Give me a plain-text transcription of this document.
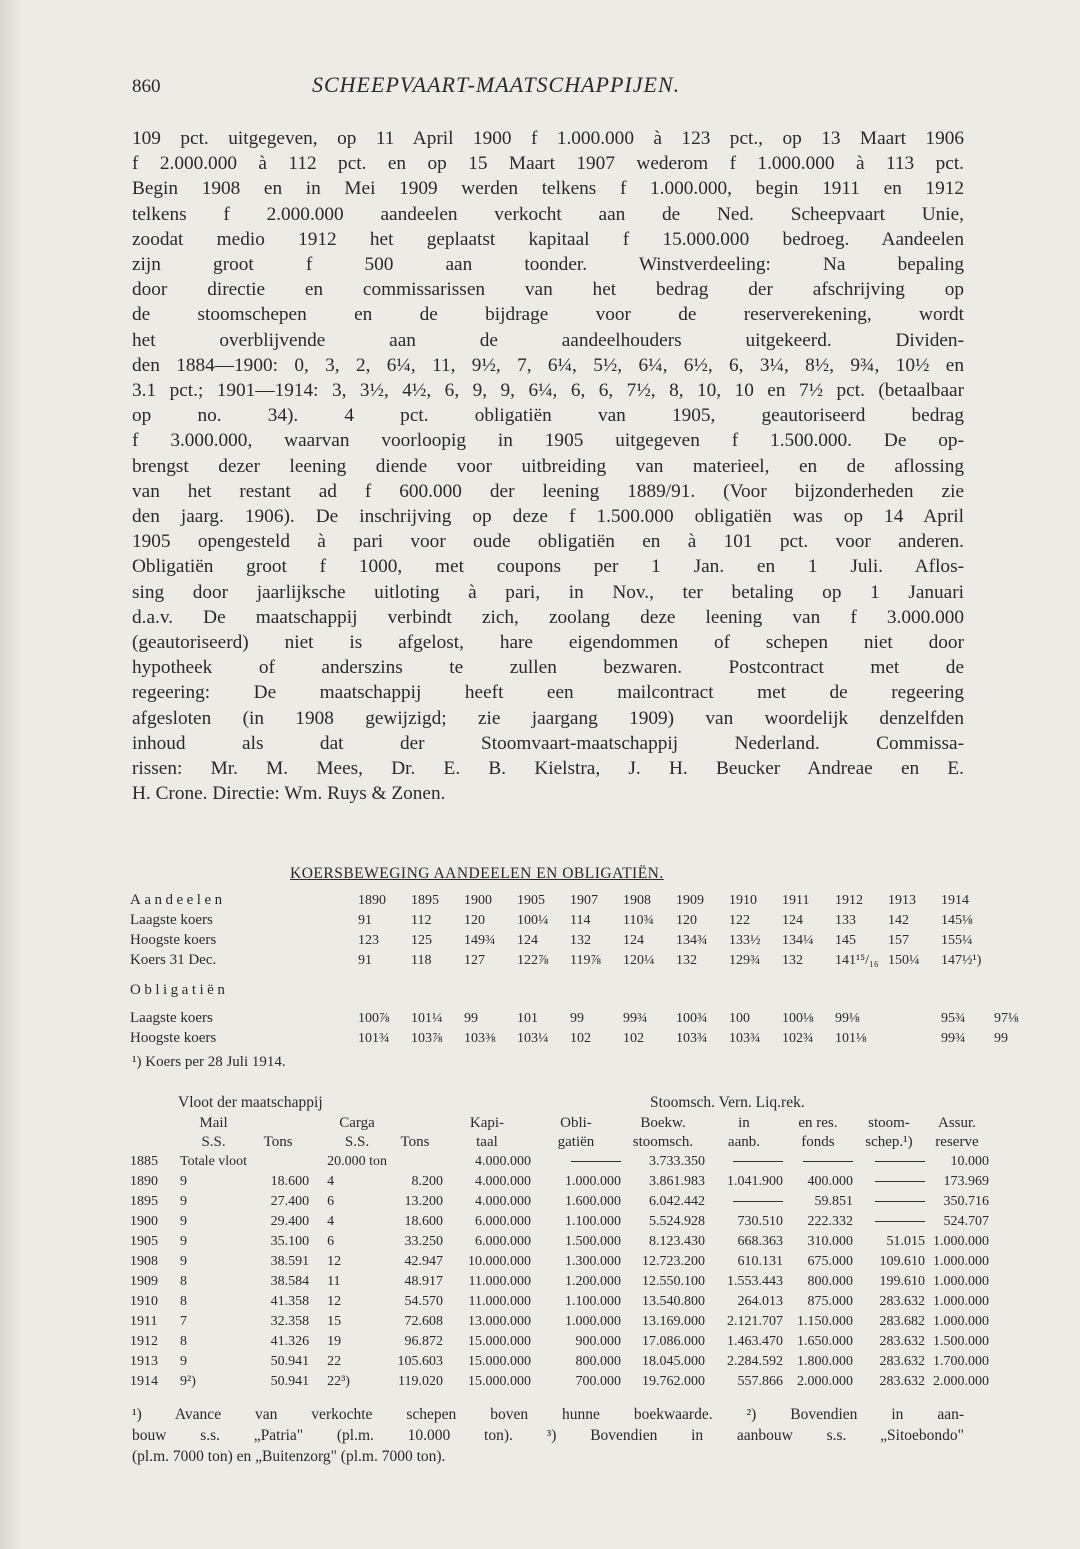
860	SCHEEPVAART-MAATSCHAPPIJEN.
109 pct. uitgegeven, op 11 April 1900 f 1.000.000 à 123 pct., op 13 Maart 1906
f 2.000.000 à 112 pct. en op 15 Maart 1907 wederom f 1.000.000 à 113 pct.
Begin 1908 en in Mei 1909 werden telkens f 1.000.000, begin 1911 en 1912
telkens f 2.000.000 aandeelen verkocht aan de Ned. Scheepvaart Unie,
zoodat medio 1912 het geplaatst kapitaal f 15.000.000 bedroeg. Aandeelen
zijn groot f 500 aan toonder. Winstverdeeling: Na bepaling
door directie en commissarissen van het bedrag der afschrijving op
de stoomschepen en de bijdrage voor de reserverekening, wordt
het overblijvende aan de aandeelhouders uitgekeerd. Dividen-
den 1884—1900: 0, 3, 2, 6¼, 11, 9½, 7, 6¼, 5½, 6¼, 6½, 6, 3¼, 8½, 9¾, 10½ en
3.1 pct.; 1901—1914: 3, 3½, 4½, 6, 9, 9, 6¼, 6, 6, 7½, 8, 10, 10 en 7½ pct. (betaalbaar
op no. 34). 4 pct. obligatiën van 1905, geautoriseerd bedrag
f 3.000.000, waarvan voorloopig in 1905 uitgegeven f 1.500.000. De op-
brengst dezer leening diende voor uitbreiding van materieel, en de aflossing
van het restant ad f 600.000 der leening 1889/91. (Voor bijzonderheden zie
den jaarg. 1906). De inschrijving op deze f 1.500.000 obligatiën was op 14 April
1905 opengesteld à pari voor oude obligatiën en à 101 pct. voor anderen.
Obligatiën groot f 1000, met coupons per 1 Jan. en 1 Juli. Aflos-
sing door jaarlijksche uitloting à pari, in Nov., ter betaling op 1 Januari
d.a.v. De maatschappij verbindt zich, zoolang deze leening van f 3.000.000
(geautoriseerd) niet is afgelost, hare eigendommen of schepen niet door
hypotheek of anderszins te zullen bezwaren. Postcontract met de
regeering: De maatschappij heeft een mailcontract met de regeering
afgesloten (in 1908 gewijzigd; zie jaargang 1909) van woordelijk denzelfden
inhoud als dat der Stoomvaart-maatschappij Nederland. Commissa-
rissen: Mr. M. Mees, Dr. E. B. Kielstra, J. H. Beucker Andreae en E.
H. Crone. Directie: Wm. Ruys & Zonen.
KOERSBEWEGING AANDEELEN EN OBLIGATIËN.
Aandeelen	1890	1895	1900	1905	1907	1908	1909	1910	1911	1912	1913	1914	
Laagste koers	91	112	120	100¼	114	110¾	120	122	124	133	142	145⅛	
Hoogste koers	123	125	149¾	124	132	124	134¾	133½	134¼	145	157	155¼	
Koers 31 Dec.	91	118	127	122⅞	119⅞	120¼	132	129¾	132	141¹⁵/₁₆	150¼	147½¹)	

Obligatiën													

Laagste koers	100⅞	101¼	99	101	99	99¾	100¾	100	100⅛	99⅛		95¾	97⅛
Hoogste koers	101¾	103⅞	103⅜	103¼	102	102	103¾	103¾	102¾	101⅛		99¾	99
¹) Koers per 28 Juli 1914.
Vloot der maatschappij	Stoomsch. Vern. Liq.rek.
	Mail		Carga		Kapi-	Obli-	Boekw.	in	en res.	stoom-	Assur.
	S.S.	Tons	S.S.	Tons	taal	gatiën	stoomsch.	aanb.	fonds	schep.¹)	reserve
1885	Totale vloot		20.000 ton		4.000.000		3.733.350				10.000
1890	9	18.600	4	8.200	4.000.000	1.000.000	3.861.983	1.041.900	400.000		173.969
1895	9	27.400	6	13.200	4.000.000	1.600.000	6.042.442		59.851		350.716
1900	9	29.400	4	18.600	6.000.000	1.100.000	5.524.928	730.510	222.332		524.707
1905	9	35.100	6	33.250	6.000.000	1.500.000	8.123.430	668.363	310.000	51.015	1.000.000
1908	9	38.591	12	42.947	10.000.000	1.300.000	12.723.200	610.131	675.000	109.610	1.000.000
1909	8	38.584	11	48.917	11.000.000	1.200.000	12.550.100	1.553.443	800.000	199.610	1.000.000
1910	8	41.358	12	54.570	11.000.000	1.100.000	13.540.800	264.013	875.000	283.632	1.000.000
1911	7	32.358	15	72.608	13.000.000	1.000.000	13.169.000	2.121.707	1.150.000	283.682	1.000.000
1912	8	41.326	19	96.872	15.000.000	900.000	17.086.000	1.463.470	1.650.000	283.632	1.500.000
1913	9	50.941	22	105.603	15.000.000	800.000	18.045.000	2.284.592	1.800.000	283.632	1.700.000
1914	9²)	50.941	22³)	119.020	15.000.000	700.000	19.762.000	557.866	2.000.000	283.632	2.000.000
¹) Avance van verkochte schepen boven hunne boekwaarde. ²) Bovendien in aan-
bouw s.s. „Patria" (pl.m. 10.000 ton). ³) Bovendien in aanbouw s.s. „Sitoebondo"
(pl.m. 7000 ton) en „Buitenzorg" (pl.m. 7000 ton).
